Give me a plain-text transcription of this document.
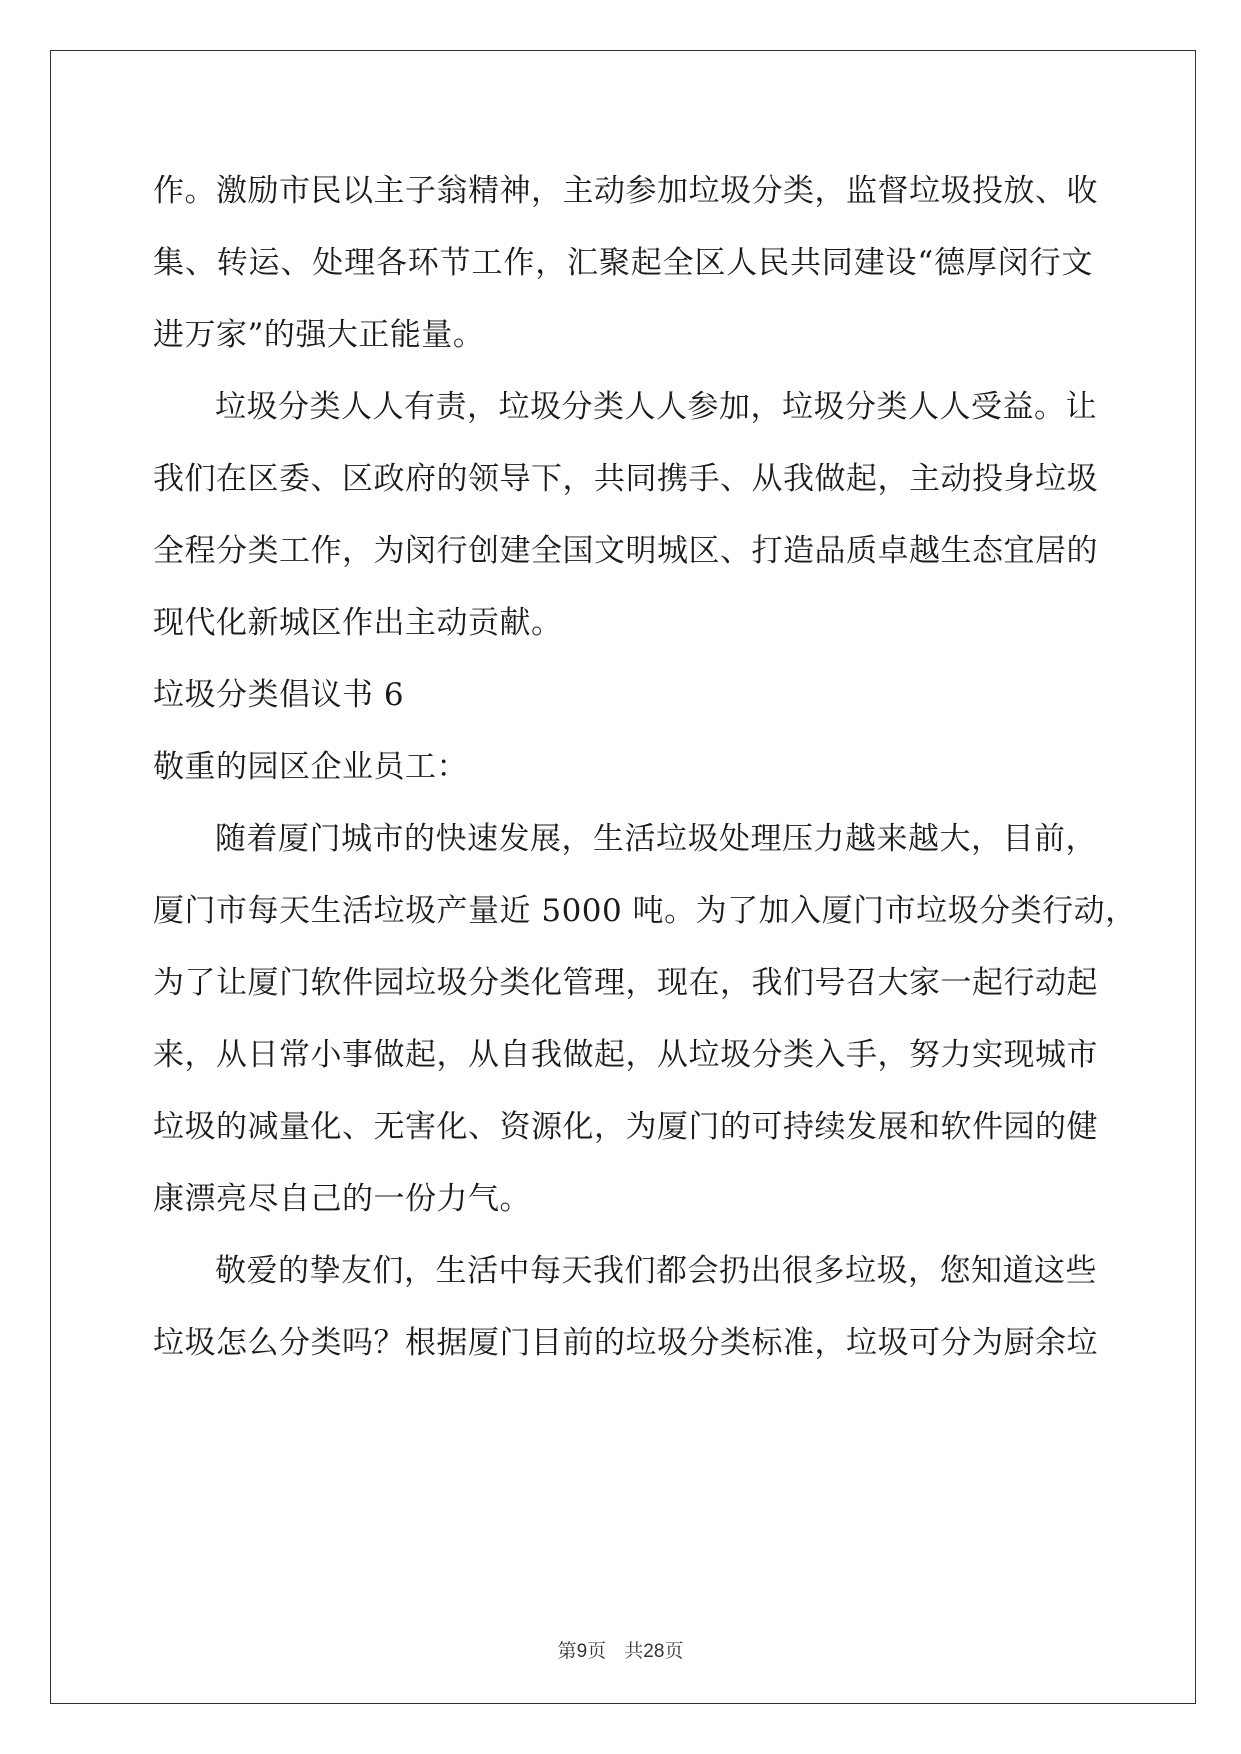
作。激励市民以主子翁精神，主动参加垃圾分类，监督垃圾投放、收
集、转运、处理各环节工作，汇聚起全区人民共同建设“德厚闵行文
进万家”的强大正能量。
垃圾分类人人有责，垃圾分类人人参加，垃圾分类人人受益。让
我们在区委、区政府的领导下，共同携手、从我做起，主动投身垃圾
全程分类工作，为闵行创建全国文明城区、打造品质卓越生态宜居的
现代化新城区作出主动贡献。
垃圾分类倡议书 6
敬重的园区企业员工：
随着厦门城市的快速发展，生活垃圾处理压力越来越大，目前，
厦门市每天生活垃圾产量近 5000 吨。为了加入厦门市垃圾分类行动，
为了让厦门软件园垃圾分类化管理，现在，我们号召大家一起行动起
来，从日常小事做起，从自我做起，从垃圾分类入手，努力实现城市
垃圾的减量化、无害化、资源化，为厦门的可持续发展和软件园的健
康漂亮尽自己的一份力气。
敬爱的挚友们，生活中每天我们都会扔出很多垃圾，您知道这些
垃圾怎么分类吗？根据厦门目前的垃圾分类标准，垃圾可分为厨余垃
第9页 共28页
